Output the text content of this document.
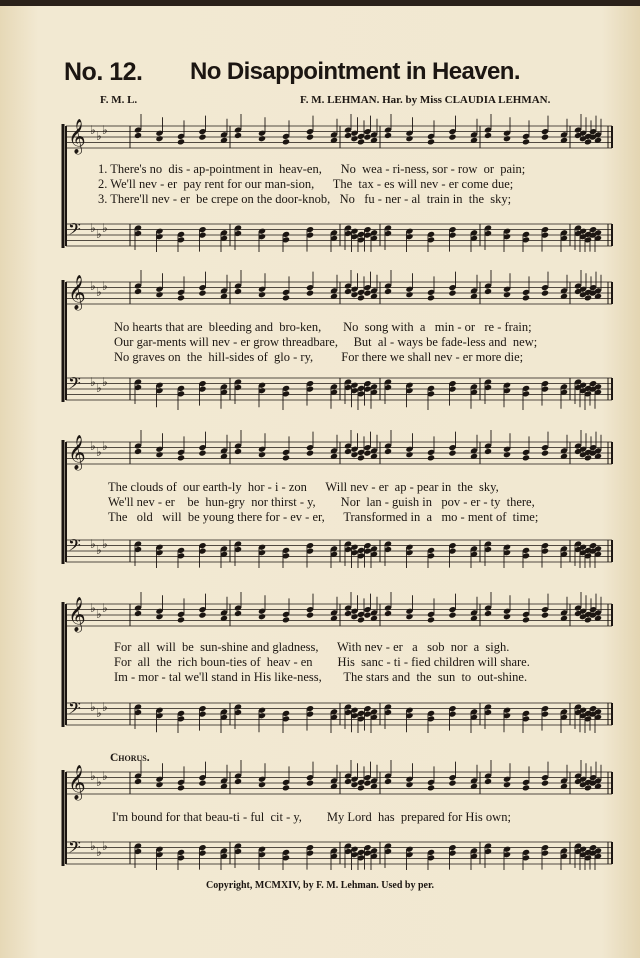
No. 12. No Disappointment in Heaven.
F. M. L.	F. M. LEHMAN. Har. by Miss CLAUDIA LEHMAN.
𝄞 ♭ ♭ ♭
𝄢 ♭ ♭ ♭
1. There's no  dis - ap-pointment in  heav-en,      No  wea - ri-ness, sor - row  or  pain;
2. We'll nev - er  pay rent for our man-sion,      The  tax - es will nev - er come due;
3. There'll nev - er  be crepe on the door-knob,   No   fu - ner - al  train in  the  sky;
𝄞 ♭ ♭ ♭
𝄢 ♭ ♭ ♭
No hearts that are  bleeding and  bro-ken,       No  song with  a   min - or   re - frain;
Our gar-ments will nev - er grow threadbare,     But  al - ways be fade-less and  new;
No graves on  the  hill-sides of  glo - ry,         For there we shall nev - er more die;
𝄞 ♭ ♭ ♭
𝄢 ♭ ♭ ♭
The clouds of  our earth-ly  hor - i - zon      Will nev - er  ap - pear in  the  sky,
We'll nev - er    be  hun-gry  nor thirst - y,        Nor  lan - guish in   pov - er - ty  there,
The   old   will  be young there for - ev - er,      Transformed in  a   mo - ment of  time;
𝄞 ♭ ♭ ♭
𝄢 ♭ ♭ ♭
For  all  will  be  sun-shine and gladness,      With nev - er   a   sob  nor  a  sigh.
For  all  the  rich boun-ties of  heav - en        His  sanc - ti - fied children will share.
Im - mor - tal we'll stand in His like-ness,       The stars and  the  sun  to  out-shine.
Chorus.
𝄞 ♭ ♭ ♭
𝄢 ♭ ♭ ♭
I'm bound for that beau-ti - ful  cit - y,        My Lord  has  prepared for His own;
Copyright, MCMXIV, by F. M. Lehman. Used by per.
